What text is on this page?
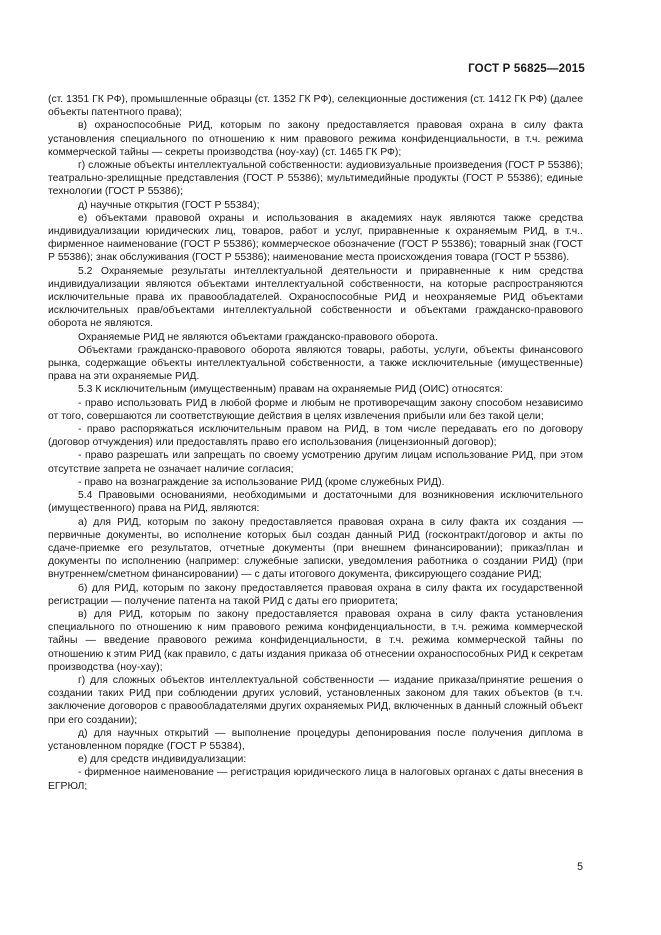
ГОСТ Р 56825—2015

(ст. 1351 ГК РФ), промышленные образцы (ст. 1352 ГК РФ), селекционные достижения (ст. 1412 ГК РФ) (далее объекты патентного права);

в) охраноспособные РИД, которым по закону предоставляется правовая охрана в силу факта установления специального по отношению к ним правового режима конфиденциальности, в т.ч. режима коммерческой тайны — секреты производства (ноу-хау) (ст. 1465 ГК РФ);

г) сложные объекты интеллектуальной собственности: аудиовизуальные произведения (ГОСТ Р 55386); театрально-зрелищные представления (ГОСТ Р 55386); мультимедийные продукты (ГОСТ Р 55386); единые технологии (ГОСТ Р 55386);

д) научные открытия (ГОСТ Р 55384);

е) объектами правовой охраны и использования в академиях наук являются также средства индивидуализации юридических лиц, товаров, работ и услуг, приравненные к охраняемым РИД, в т.ч.. фирменное наименование (ГОСТ Р 55386); коммерческое обозначение (ГОСТ Р 55386); товарный знак (ГОСТ Р 55386); знак обслуживания (ГОСТ Р 55386); наименование места происхождения товара (ГОСТ Р 55386).

5.2 Охраняемые результаты интеллектуальной деятельности и приравненные к ним средства индивидуализации являются объектами интеллектуальной собственности, на которые распространяются исключительные права их правообладателей. Охраноспособные РИД и неохраняемые РИД объектами исключительных прав/объектами интеллектуальной собственности и объектами гражданско-правового оборота не являются.

Охраняемые РИД не являются объектами гражданско-правового оборота.

Объектами гражданско-правового оборота являются товары, работы, услуги, объекты финансового рынка, содержащие объекты интеллектуальной собственности, а также исключительные (имущественные) права на эти охраняемые РИД.

5.3 К исключительным (имущественным) правам на охраняемые РИД (ОИС) относятся:

- право использовать РИД в любой форме и любым не противоречащим закону способом независимо от того, совершаются ли соответствующие действия в целях извлечения прибыли или без такой цели;

- право распоряжаться исключительным правом на РИД, в том числе передавать его по договору (договор отчуждения) или предоставлять право его использования (лицензионный договор);

- право разрешать или запрещать по своему усмотрению другим лицам использование РИД, при этом отсутствие запрета не означает наличие согласия;

- право на вознаграждение за использование РИД (кроме служебных РИД).

5.4 Правовыми основаниями, необходимыми и достаточными для возникновения исключительного (имущественного) права на РИД, являются:

а) для РИД, которым по закону предоставляется правовая охрана в силу факта их создания — первичные документы, во исполнение которых был создан данный РИД (госконтракт/договор и акты по сдаче-приемке его результатов, отчетные документы (при внешнем финансировании); приказ/план и документы по исполнению (например: служебные записки, уведомления работника о создании РИД) (при внутреннем/сметном финансировании) — с даты итогового документа, фиксирующего создание РИД;

б) для РИД, которым по закону предоставляется правовая охрана в силу факта их государственной регистрации — получение патента на такой РИД с даты его приоритета;

в) для РИД, которым по закону предоставляется правовая охрана в силу факта установления специального по отношению к ним правового режима конфиденциальности, в т.ч. режима коммерческой тайны — введение правового режима конфиденциальности, в т.ч. режима коммерческой тайны по отношению к этим РИД (как правило, с даты издания приказа об отнесении охраноспособных РИД к секретам производства (ноу-хау);

г) для сложных объектов интеллектуальной собственности — издание приказа/принятие решения о создании таких РИД при соблюдении других условий, установленных законом для таких объектов (в т.ч. заключение договоров с правообладателями других охраняемых РИД, включенных в данный сложный объект при его создании);

д) для научных открытий — выполнение процедуры депонирования после получения диплома в установленном порядке (ГОСТ Р 55384),

е) для средств индивидуализации:

- фирменное наименование — регистрация юридического лица в налоговых органах с даты внесения в ЕГРЮЛ;

5
